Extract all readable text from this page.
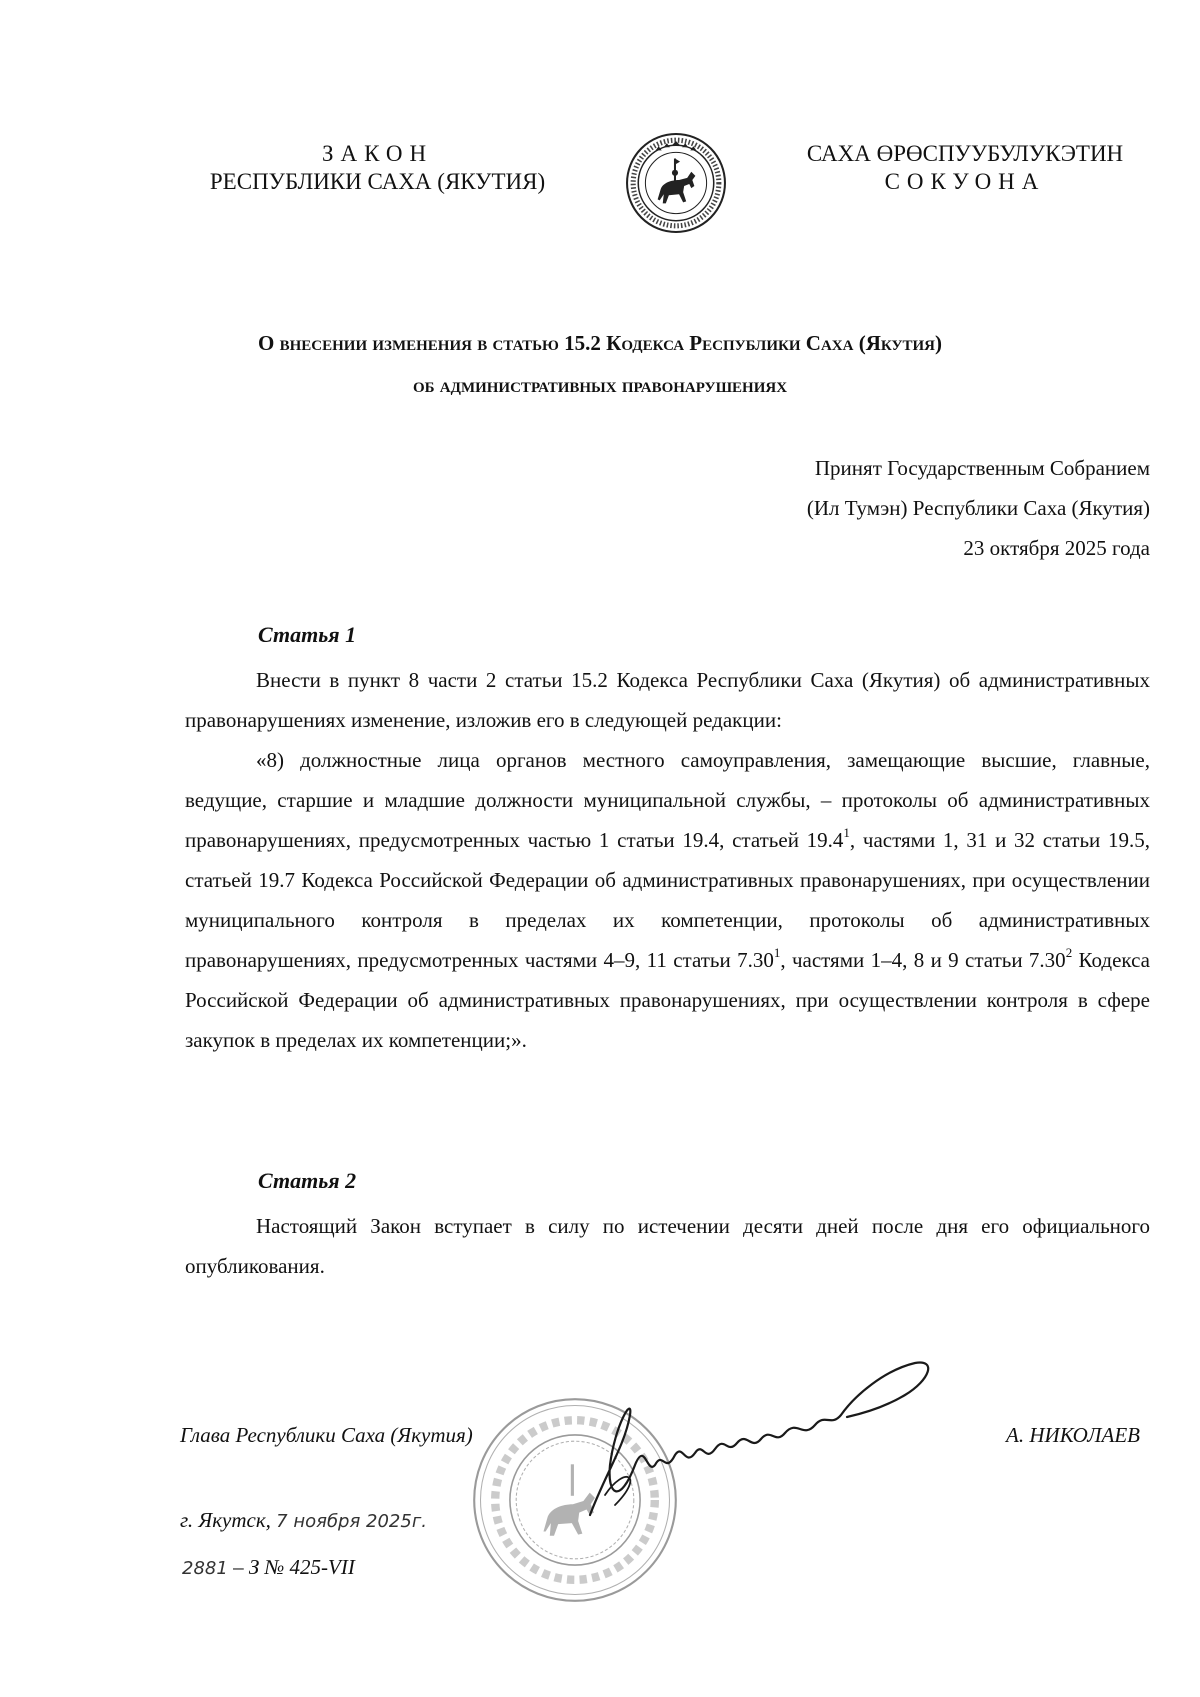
ЗАКОН
РЕСПУБЛИКИ САХА (ЯКУТИЯ)
САХА ӨРӨСПУУБУЛУКЭТИН
СОКУОНА
О внесении изменения в статью 15.2 Кодекса Республики Саха (Якутия)
об административных правонарушениях
Принят Государственным Собранием
(Ил Тумэн) Республики Саха (Якутия)
23 октября 2025 года
Статья 1

Внести в пункт 8 части 2 статьи 15.2 Кодекса Республики Саха (Якутия) об административных правонарушениях изменение, изложив его в следующей редакции:

«8) должностные лица органов местного самоуправления, замещающие высшие, главные, ведущие, старшие и младшие должности муниципальной службы, – протоколы об административных правонарушениях, предусмотренных частью 1 статьи 19.4, статьей 19.4$^1$, частями 1, 31 и 32 статьи 19.5, статьей 19.7 Кодекса Российской Федерации об административных правонарушениях, при осуществлении муниципального контроля в пределах их компетенции, протоколы об административных правонарушениях, предусмотренных частями 4–9, 11 статьи 7.30$^1$, частями 1–4, 8 и 9 статьи 7.30$^2$ Кодекса Российской Федерации об административных правонарушениях, при осуществлении контроля в сфере закупок в пределах их компетенции;».

Статья 2

Настоящий Закон вступает в силу по истечении десяти дней после дня его официального опубликования.

Глава Республики Саха (Якутия)	А. НИКОЛАЕВ
г. Якутск, 7 ноября 2025г.
2881 – З № 425-VII
